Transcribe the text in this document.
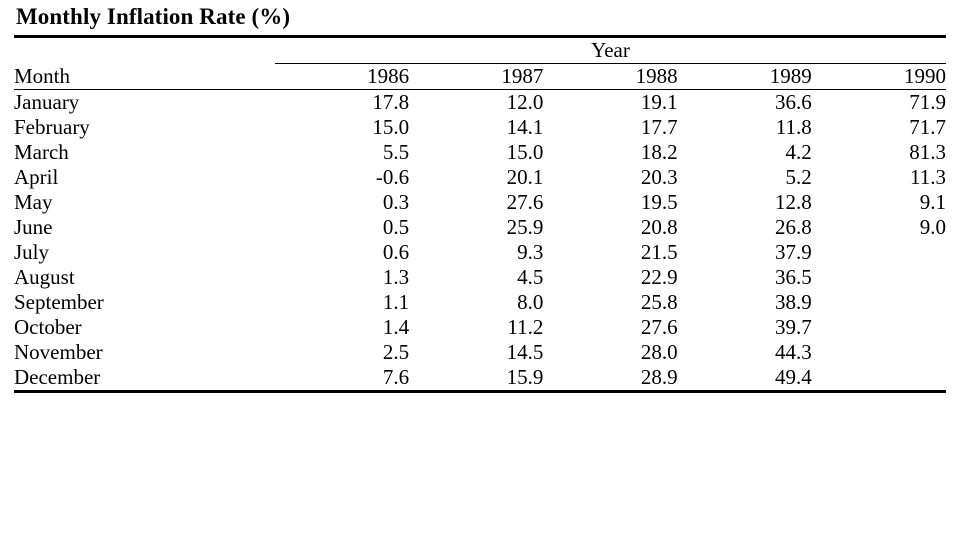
Monthly Inflation Rate (%)
	Year				

Month	1986	1987	1988	1989	1990
January	17.8	12.0	19.1	36.6	71.9
February	15.0	14.1	17.7	11.8	71.7
March	5.5	15.0	18.2	4.2	81.3
April	-0.6	20.1	20.3	5.2	11.3
May	0.3	27.6	19.5	12.8	9.1
June	0.5	25.9	20.8	26.8	9.0
July	0.6	9.3	21.5	37.9	
August	1.3	4.5	22.9	36.5	
September	1.1	8.0	25.8	38.9	
October	1.4	11.2	27.6	39.7	
November	2.5	14.5	28.0	44.3	
December	7.6	15.9	28.9	49.4	
